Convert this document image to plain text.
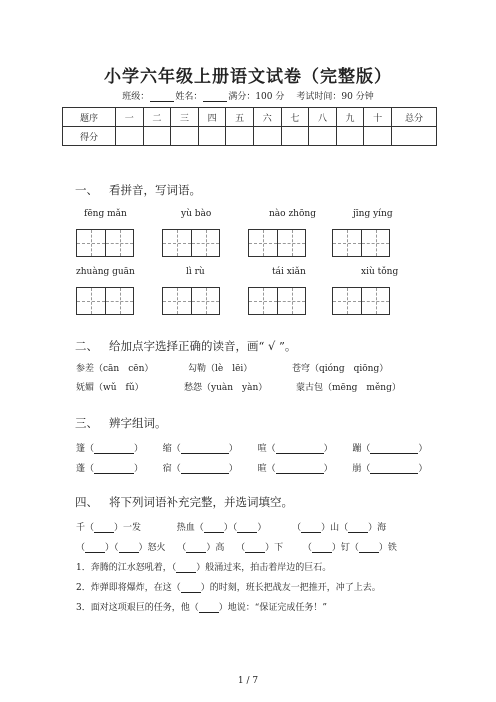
小学六年级上册语文试卷（完整版）
班级：	姓名：	满分：100 分 考试时间：90 分钟
题序	一	二	三	四	五	六	七	八	九	十	总分
得分											
一、 看拼音，写词语。
fēng mǎn	yù bào	nào zhōng	jīng yíng
zhuàng guān	lì rù	tái xiǎn	xiù tǒng
二、 给加点字选择正确的读音，画“ √ ”。
参差（cān　cēn）	勾勒（lè　lēi）	苍穹（qióng　qiōng）
妩媚（wǔ　fǔ）	愁怨（yuàn　yàn）	蒙古包（mēng　měng）
三、 辨字组词。
篷（	） 缩（	） 喧（	） 蹦（	）
蓬（	） 宿（	） 暄（	） 崩（	）
四、 将下列词语补充完整，并选词填空。
千（ ）一发	热血（ ）（ ）	（ ）山（ ）海
（ ）（ ）怒火 （ ）高 （ ）下 （ ）钉（ ）铁
1．奔腾的江水怒吼着，（ ）般涌过来，拍击着岸边的巨石。
2．炸弹即将爆炸，在这（ ）的时刻，班长把战友一把推开，冲了上去。
3．面对这项艰巨的任务，他（ ）地说：“保证完成任务！”
1 / 7
